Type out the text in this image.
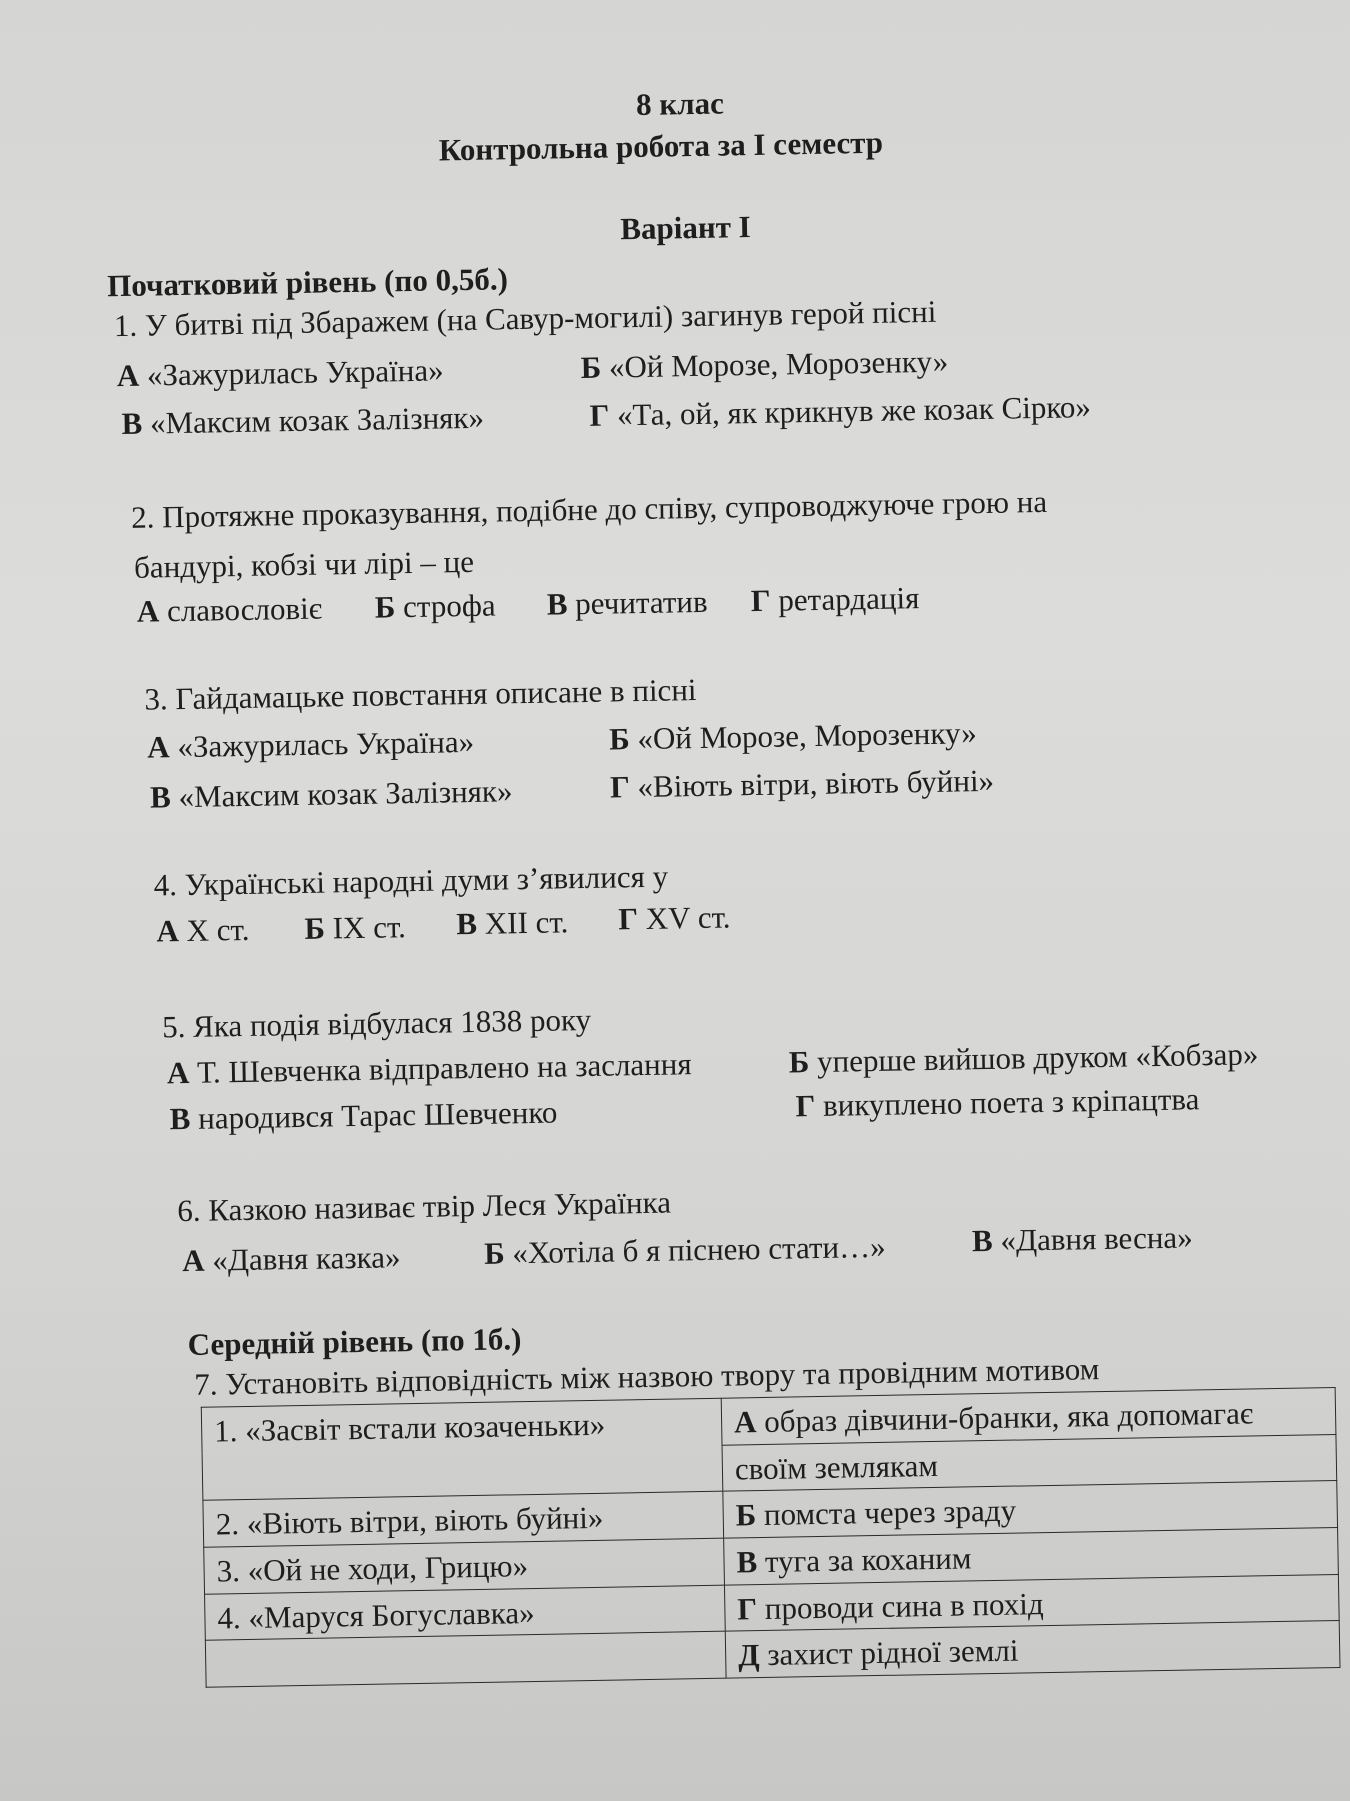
8 клас
Контрольна робота за І семестр
Варіант І
Початковий рівень (по 0,5б.)
1. У битві під Збаражем (на Савур-могилі) загинув герой пісні
А «Зажурилась Україна»	Б «Ой Морозе, Морозенку»
В «Максим козак Залізняк»	Г «Та, ой, як крикнув же козак Сірко»
2. Протяжне проказування, подібне до співу, супроводжуюче грою на
бандурі, кобзі чи лірі – це
А славословіє Б строфа В речитатив Г ретардація
3. Гайдамацьке повстання описане в пісні
А «Зажурилась Україна»	Б «Ой Морозе, Морозенку»
В «Максим козак Залізняк»	Г «Віють вітри, віють буйні»
4. Українські народні думи з’явилися у
А Х ст. Б ІХ ст. В ХІІ ст. Г ХV ст.
5. Яка подія відбулася 1838 року
А Т. Шевченка відправлено на заслання	Б уперше вийшов друком «Кобзар»
В народився Тарас Шевченко	Г викуплено поета з кріпацтва
6. Казкою називає твір Леся Українка
А «Давня казка»	Б «Хотіла б я піснею стати…»	В «Давня весна»
Середній рівень (по 1б.)
7. Установіть відповідність між назвою твору та провідним мотивом
1. «Засвіт встали козаченьки»	А образ дівчини-бранки, яка допомагає
	своїм землякам
2. «Віють вітри, віють буйні»	Б помста через зраду
3. «Ой не ходи, Грицю»	В туга за коханим
4. «Маруся Богуславка»	Г проводи сина в похід
	Д захист рідної землі
